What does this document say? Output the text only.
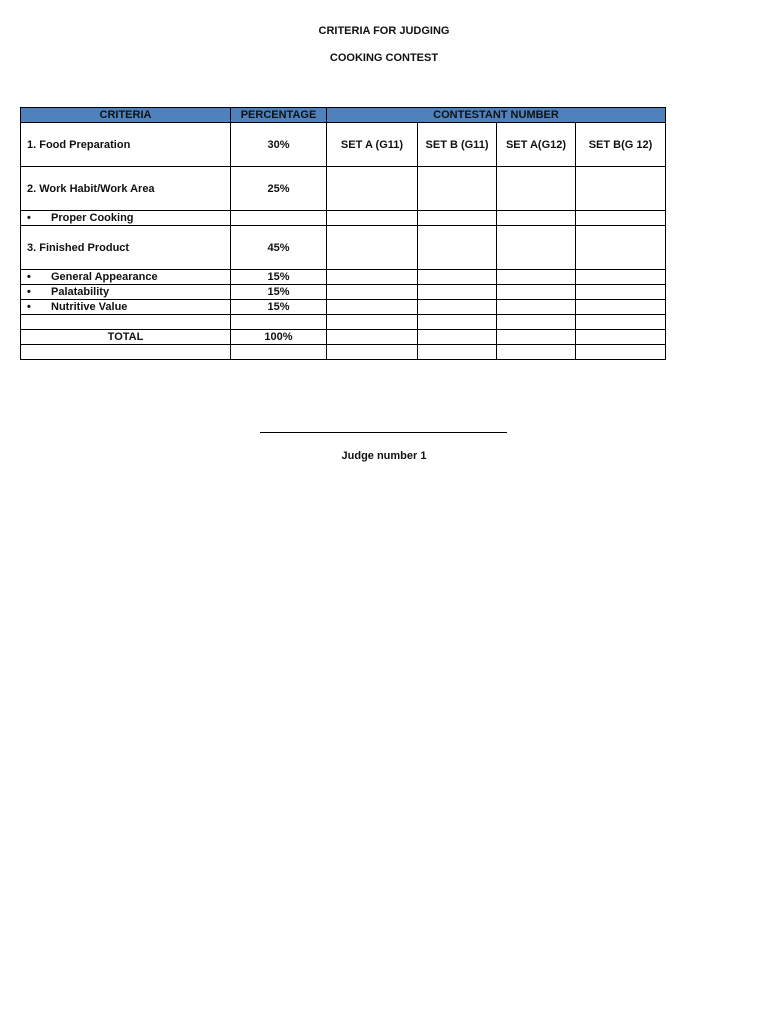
CRITERIA FOR JUDGING
COOKING CONTEST
CRITERIA	PERCENTAGE	CONTESTANT NUMBER			
1. Food Preparation	30%	SET A (G11)	SET B (G11)	SET A(G12)	SET B(G 12)
2. Work Habit/Work Area	25%				
• Proper Cooking					
3. Finished Product	45%				
• General Appearance	15%				
• Palatability	15%				
• Nutritive Value	15%				

TOTAL	100%				

Judge number 1
